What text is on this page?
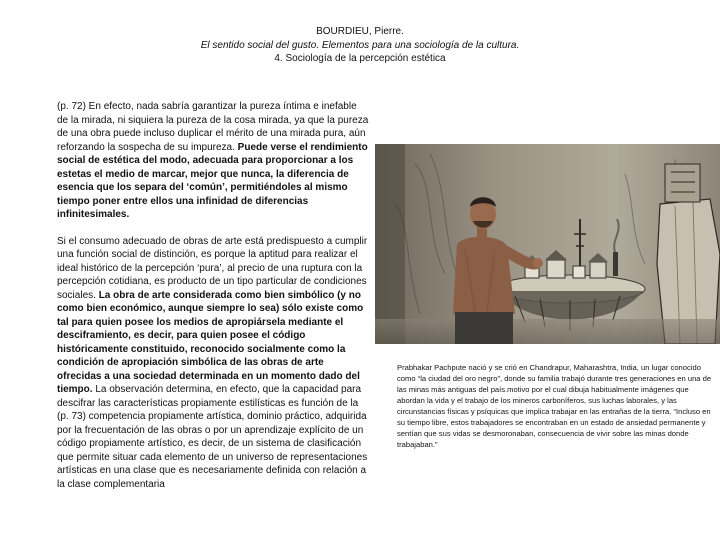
BOURDIEU, Pierre.
El sentido social del gusto. Elementos para una sociología de la cultura.
4. Sociología de la percepción estética

(p. 72) En efecto, nada sabría garantizar la pureza íntima e inefable de la mirada, ni siquiera la pureza de la cosa mirada, ya que la pureza de una obra puede incluso duplicar el mérito de una mirada pura, aún reforzando la sospecha de su impureza. Puede verse el rendimiento social de estética del modo, adecuada para proporcionar a los estetas el medio de marcar, mejor que nunca, la diferencia de esencia que los separa del ‘común’, permitiéndoles al mismo tiempo poner entre ellos una infinidad de diferencias infinitesimales.

Si el consumo adecuado de obras de arte está predispuesto a cumplir una función social de distinción, es porque la aptitud para realizar el ideal histórico de la percepción ‘pura’, al precio de una ruptura con la percepción cotidiana, es producto de un tipo particular de condiciones sociales. La obra de arte considerada como bien simbólico (y no como bien económico, aunque siempre lo sea) sólo existe como tal para quien posee los medios de apropiársela mediante el desciframiento, es decir, para quien posee el código históricamente constituido, reconocido socialmente como la condición de apropiación simbólica de las obras de arte ofrecidas a una sociedad determinada en un momento dado del tiempo. La observación determina, en efecto, que la capacidad para descifrar las características propiamente estilísticas es función de la (p. 73) competencia propiamente artística, dominio práctico, adquirida por la frecuentación de las obras o por un aprendizaje explícito de un código propiamente artístico, es decir, de un sistema de clasificación que permite situar cada elemento de un universo de representaciones artísticas en una clase que es necesariamente definida con relación a la clase complementaria

Prabhakar Pachpute nació y se crió en Chandrapur, Maharashtra, India, un lugar conocido como “la ciudad del oro negro”, donde su familia trabajó durante tres generaciones en una de las minas más antiguas del país.motivo por el cual dibuja habitualmente imágenes que abordan la vida y el trabajo de los mineros carboníferos, sus luchas laborales, y las circunstancias físicas y psíquicas que implica trabajar en las entrañas de la tierra. “Incluso en su tiempo libre, estos trabajadores se encontraban en un estado de ansiedad permanente y sentían que sus vidas se desmoronaban, consecuencia de vivir sobre las minas donde trabajaban.”
